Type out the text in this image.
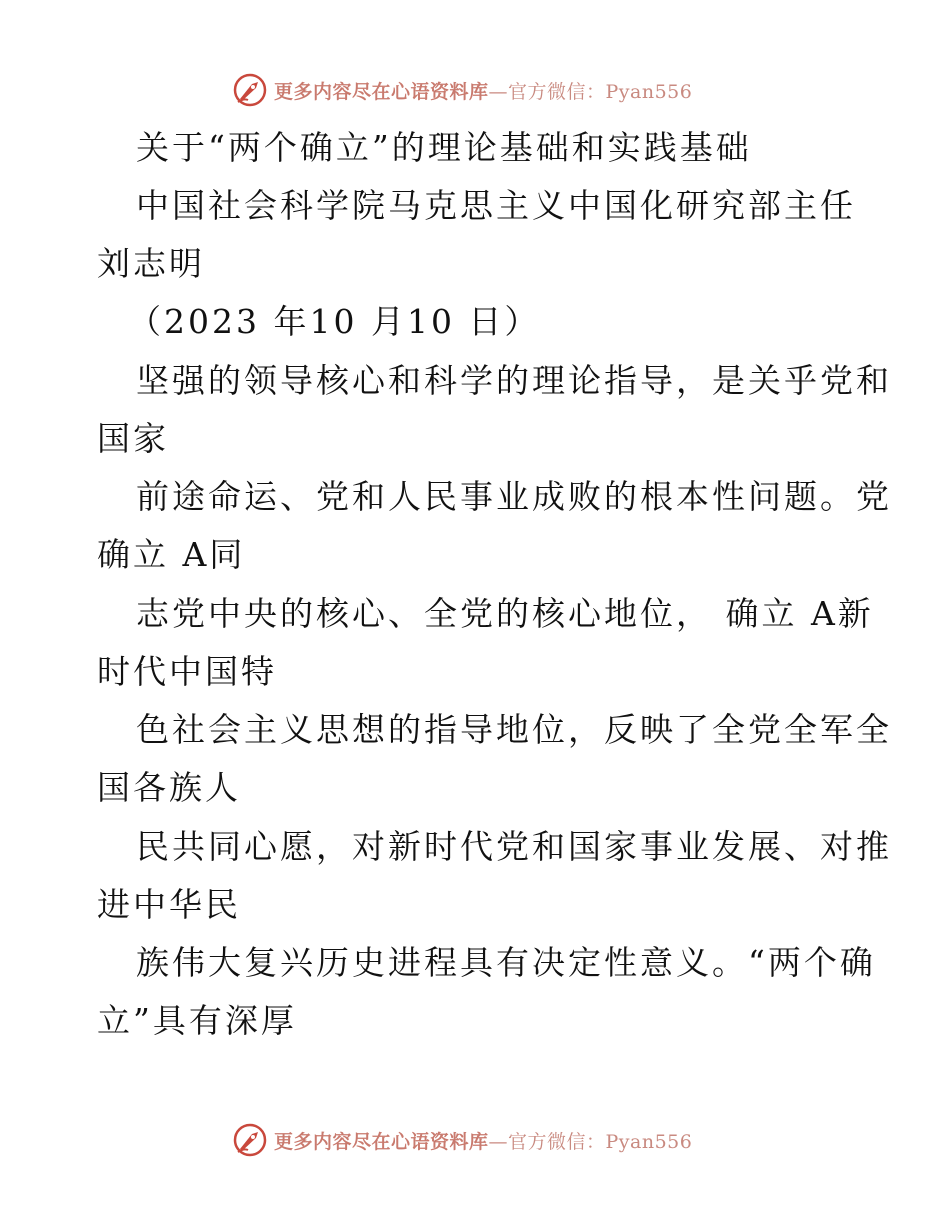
更多内容尽在心语资料库—官方微信：Pyan556
关于“两个确立”的理论基础和实践基础
中国社会科学院马克思主义中国化研究部主任
刘志明
（2023 年10 月10 日）
坚强的领导核心和科学的理论指导，是关乎党和
国家
前途命运、党和人民事业成败的根本性问题。党
确立 A同
志党中央的核心、全党的核心地位， 确立 A新
时代中国特
色社会主义思想的指导地位，反映了全党全军全
国各族人
民共同心愿，对新时代党和国家事业发展、对推
进中华民
族伟大复兴历史进程具有决定性意义。“两个确
立”具有深厚
更多内容尽在心语资料库—官方微信：Pyan556
